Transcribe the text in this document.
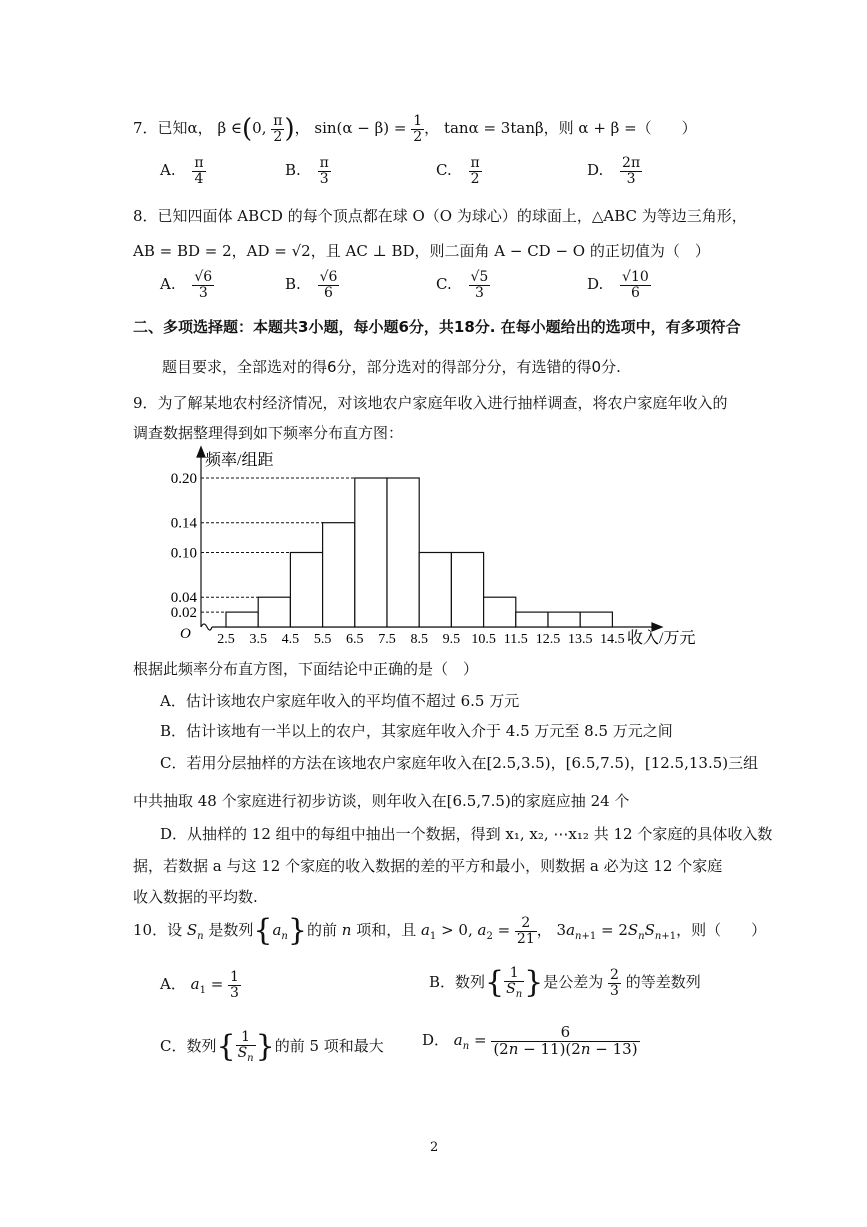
7．已知α， β ∈(0, $\frac{\pi}{2}$ )， $\sin(\alpha - \beta) = \frac{1}{2}$ ， tanα = 3tanβ，则 α + β =（　　）
A. $\frac{\pi}{4}$	B. $\frac{\pi}{3}$	C. $\frac{\pi}{2}$	D. $\frac{2\pi}{3}$
8．已知四面体 ABCD 的每个顶点都在球 O（O 为球心）的球面上，△ABC 为等边三角形，
AB = BD = 2，AD = √2，且 AC ⊥ BD，则二面角 A − CD − O 的正切值为（　）
A. $\frac{√6}{3}$	B. $\frac{√6}{6}$	C. $\frac{√5}{3}$	D. $\frac{√10}{6}$
二、多项选择题：本题共3小题，每小题6分，共18分. 在每小题给出的选项中，有多项符合
题目要求，全部选对的得6分，部分选对的得部分分，有选错的得0分.
9．为了解某地农村经济情况，对该地农户家庭年收入进行抽样调查，将农户家庭年收入的
调查数据整理得到如下频率分布直方图：
O
频率/组距
收入/万元
0.02
0.04
0.10
0.14
0.20
2.5 3.5 4.5 5.5 6.5 7.5 8.5 9.5 10.5 11.5 12.5 13.5 14.5
根据此频率分布直方图，下面结论中正确的是（　）
A．估计该地农户家庭年收入的平均值不超过 6.5 万元
B．估计该地有一半以上的农户，其家庭年收入介于 4.5 万元至 8.5 万元之间
C．若用分层抽样的方法在该地农户家庭年收入在[2.5,3.5)，[6.5,7.5)，[12.5,13.5)三组
中共抽取 48 个家庭进行初步访谈，则年收入在[6.5,7.5)的家庭应抽 24 个
D．从抽样的 12 组中的每组中抽出一个数据，得到 x₁, x₂, ⋯x₁₂ 共 12 个家庭的具体收入数
据，若数据 a 与这 12 个家庭的收入数据的差的平方和最小，则数据 a 必为这 12 个家庭
收入数据的平均数.
10．设 $S_n$ 是数列$\{a_n\}$的前 n 项和，且 $a_1 > 0$, $a_2 = \frac{2}{21}$ ， $3a_{n+1} = 2S_nS_{n+1}$，则（　　）
A． $a_1 = \frac{1}{3}$	B．数列{ $\frac{1}{S_n}$ }是公差为 $\frac{2}{3}$ 的等差数列
C．数列{ $\frac{1}{S_n}$ }的前 5 项和最大	D． $a_n = \frac{6}{(2n - 11)(2n - 13)}$
2
